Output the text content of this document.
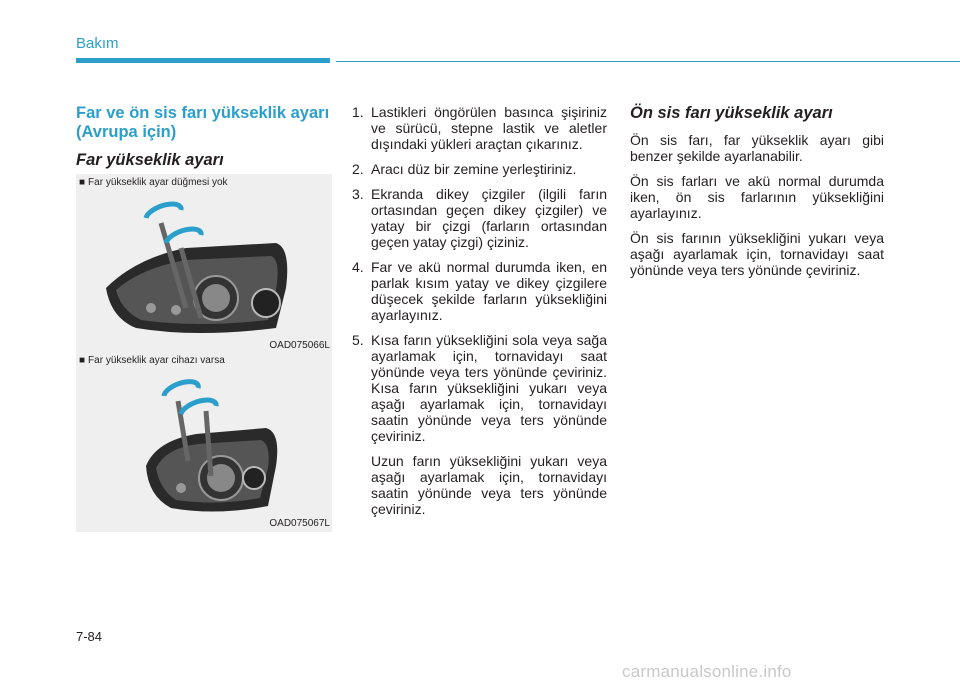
Bakım
Far ve ön sis farı yükseklik ayarı (Avrupa için)
Far yükseklik ayarı
■ Far yükseklik ayar düğmesi yok
OAD075066L
■ Far yükseklik ayar cihazı varsa
OAD075067L
1. Lastikleri öngörülen basınca şişiriniz ve sürücü, stepne lastik ve aletler dışındaki yükleri araçtan çıkarınız.
2. Aracı düz bir zemine yerleştiriniz.
3. Ekranda dikey çizgiler (ilgili farın ortasından geçen dikey çizgiler) ve yatay bir çizgi (farların ortasından geçen yatay çizgi) çiziniz.
4. Far ve akü normal durumda iken, en parlak kısım yatay ve dikey çizgilere düşecek şekilde farların yüksekliğini ayarlayınız.
5. Kısa farın yüksekliğini sola veya sağa ayarlamak için, tornavidayı saat yönünde veya ters yönünde çeviriniz. Kısa farın yüksekliğini yukarı veya aşağı ayarlamak için, tornavidayı saatin yönünde veya ters yönünde çeviriniz.

Uzun farın yüksekliğini yukarı veya aşağı ayarlamak için, tornavidayı saatin yönünde veya ters yönünde çeviriniz.

Ön sis farı yükseklik ayarı

Ön sis farı, far yükseklik ayarı gibi benzer şekilde ayarlanabilir.

Ön sis farları ve akü normal durumda iken, ön sis farlarının yüksekliğini ayarlayınız.

Ön sis farının yüksekliğini yukarı veya aşağı ayarlamak için, tornavidayı saat yönünde veya ters yönünde çeviriniz.

7-84
carmanualsonline.info
